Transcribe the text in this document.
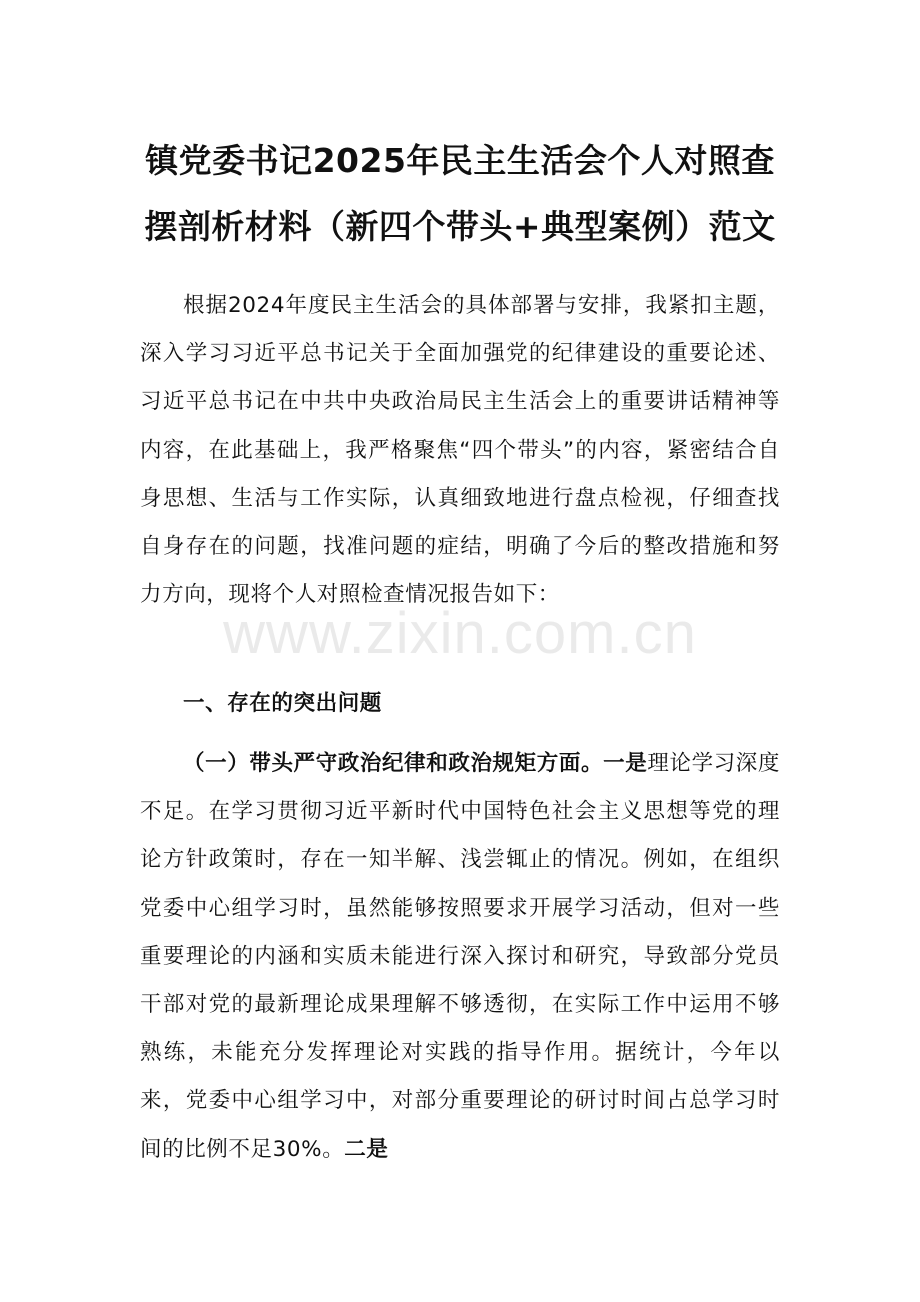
镇党委书记2025年民主生活会个人对照查
摆剖析材料（新四个带头+典型案例）范文

根据2024年度民主生活会的具体部署与安排，我紧扣主题，深入学习习近平总书记关于全面加强党的纪律建设的重要论述、习近平总书记在中共中央政治局民主生活会上的重要讲话精神等内容，在此基础上，我严格聚焦“四个带头”的内容，紧密结合自身思想、生活与工作实际，认真细致地进行盘点检视，仔细查找自身存在的问题，找准问题的症结，明确了今后的整改措施和努力方向，现将个人对照检查情况报告如下：

一、存在的突出问题

（一）带头严守政治纪律和政治规矩方面。一是理论学习深度不足。在学习贯彻习近平新时代中国特色社会主义思想等党的理论方针政策时，存在一知半解、浅尝辄止的情况。例如，在组织党委中心组学习时，虽然能够按照要求开展学习活动，但对一些重要理论的内涵和实质未能进行深入探讨和研究，导致部分党员干部对党的最新理论成果理解不够透彻，在实际工作中运用不够熟练，未能充分发挥理论对实践的指导作用。据统计，今年以来，党委中心组学习中，对部分重要理论的研讨时间占总学习时间的比例不足30%。二是

www.zixin.com.cn
